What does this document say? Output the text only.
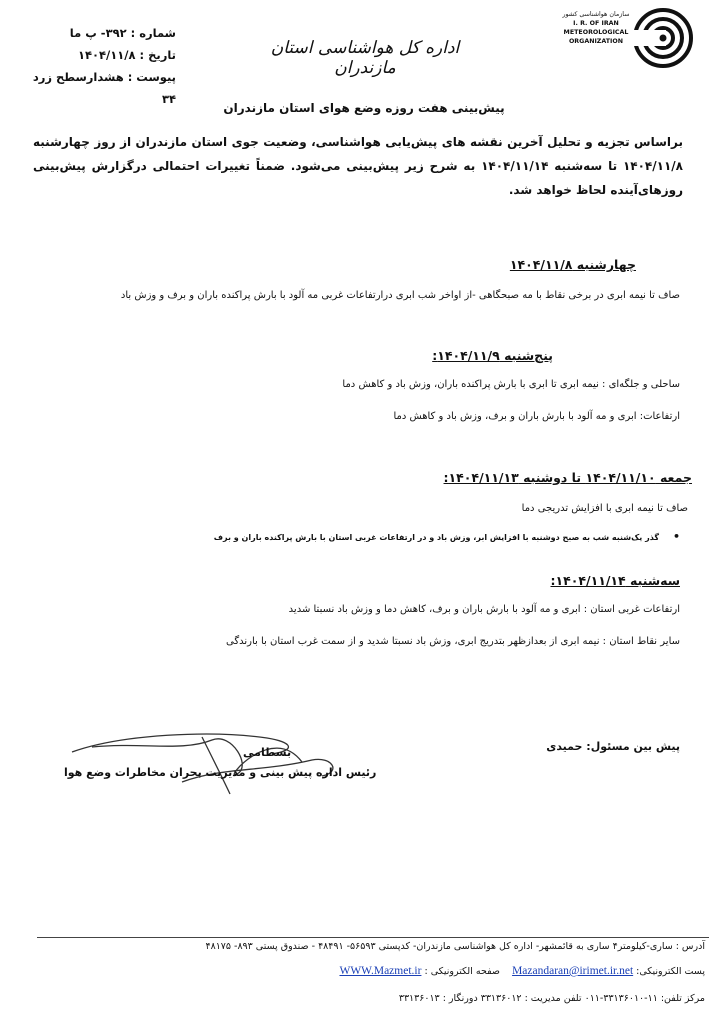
شماره : ۳۹۲- پ ما
تاریخ : ۱۴۰۴/۱۱/۸
پیوست : هشدارسطح زرد ۳۴
اداره کل هواشناسی استان مازندران
سازمان هواشناسی کشور
I. R. OF IRAN
METEOROLOGICAL
ORGANIZATION
پیش‌بینی هفت روزه وضع هوای استان مازندران
براساس تجزیه و تحلیل آخرین نقشه های پیش‌یابی هواشناسی، وضعیت جوی استان مازندران از روز چهارشنبه ۱۴۰۴/۱۱/۸ تا سه‌شنبه ۱۴۰۴/۱۱/۱۴ به شرح زیر پیش‌بینی می‌شود. ضمناً تغییرات احتمالی درگزارش پیش‌بینی روزهای‌آینده لحاظ خواهد شد.
چهارشنبه ۱۴۰۴/۱۱/۸
صاف تا نیمه ابری در برخی نقاط با مه صبحگاهی -از اواخر شب ابری درارتفاعات غربی مه آلود با بارش پراکنده باران و برف و وزش باد
پنج‌شنبه ۱۴۰۴/۱۱/۹:
ساحلی و جلگه‌ای : نیمه ابری تا ابری با بارش پراکنده باران، وزش باد و کاهش دما
ارتفاعات: ابری و مه آلود با بارش باران و برف، وزش باد و کاهش دما
جمعه ۱۴۰۴/۱۱/۱۰ تا دوشنبه ۱۴۰۴/۱۱/۱۳:
صاف تا نیمه ابری با افزایش تدریجی دما
• گذر یک‌شنبه شب به صبح دوشنبه با افزایش ابر، وزش باد و در ارتفاعات غربی استان با بارش پراکنده باران و برف
سه‌شنبه ۱۴۰۴/۱۱/۱۴:
ارتفاعات غربی استان : ابری و مه آلود با بارش باران و برف، کاهش دما و وزش باد نسبتا شدید
سایر نقاط استان : نیمه ابری از بعدازظهر بتدریج ابری، وزش باد نسبتا شدید و از سمت غرب استان با بارندگی
پیش بین مسئول: حمیدی
بسطامی
رئیس اداره پیش بینی و مدیریت بحران مخاطرات وضع هوا
آدرس : ساری-کیلومتر۴ ساری به قائمشهر- اداره کل هواشناسی مازندران- کدپستی ۵۶۵۹۳- ۴۸۴۹۱ - صندوق پستی ۸۹۳- ۴۸۱۷۵
پست الکترونیکی: Mazandaran@irimet.ir.net    صفحه الکترونیکی : WWW.Mazmet.ir
مرکز تلفن: ۱۱-۳۳۱۳۶۰۱۰-۰۱۱ تلفن مدیریت : ۳۳۱۳۶۰۱۲ دورنگار : ۳۳۱۳۶۰۱۳
